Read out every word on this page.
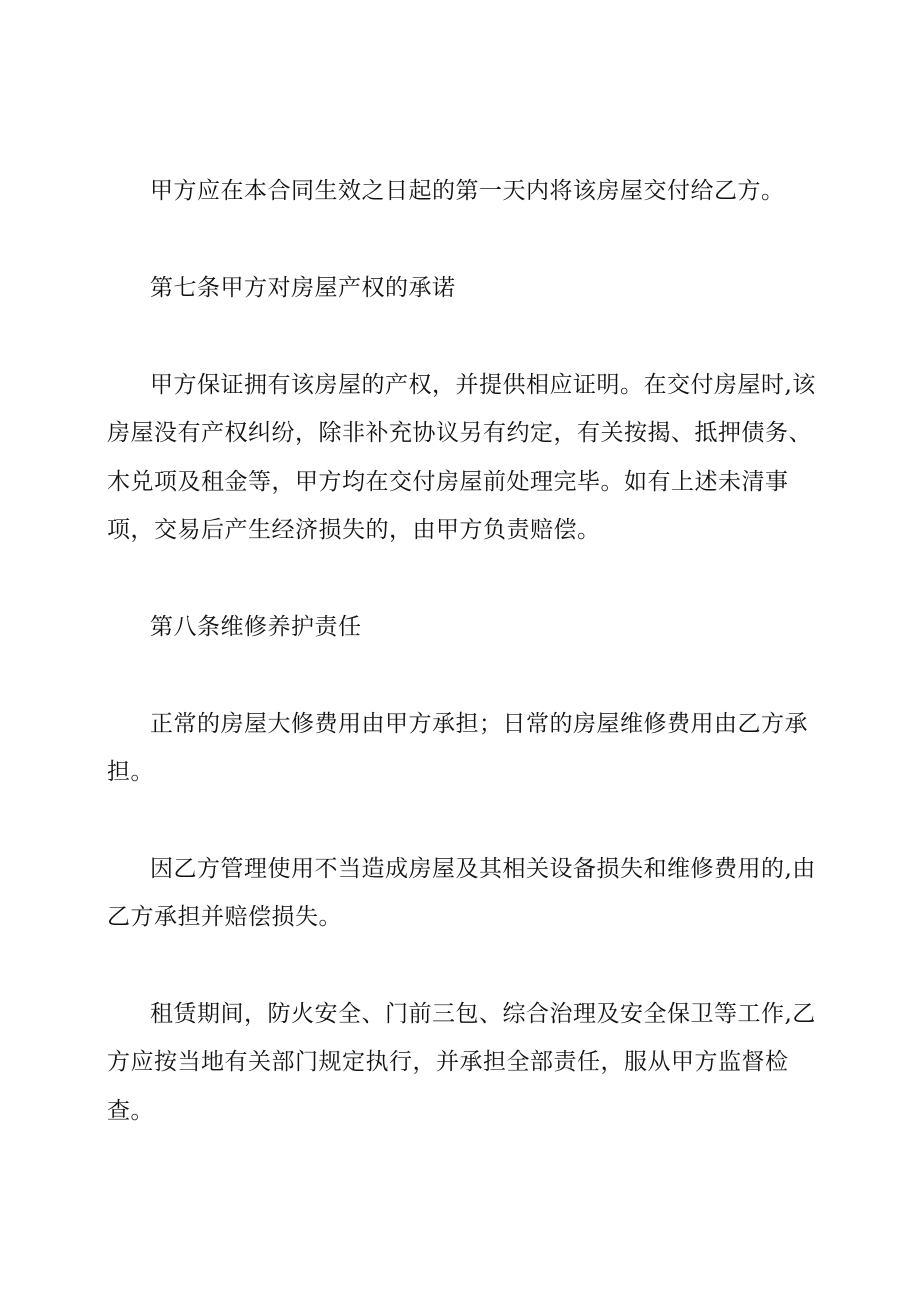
甲方应在本合同生效之日起的第一天内将该房屋交付给乙方。
第七条甲方对房屋产权的承诺
甲方保证拥有该房屋的产权，并提供相应证明。在交付房屋时,该
房屋没有产权纠纷，除非补充协议另有约定，有关按揭、抵押债务、
木兑项及租金等，甲方均在交付房屋前处理完毕。如有上述未清事
项，交易后产生经济损失的，由甲方负责赔偿。
第八条维修养护责任
正常的房屋大修费用由甲方承担；日常的房屋维修费用由乙方承
担。
因乙方管理使用不当造成房屋及其相关设备损失和维修费用的,由
乙方承担并赔偿损失。
租赁期间，防火安全、门前三包、综合治理及安全保卫等工作,乙
方应按当地有关部门规定执行，并承担全部责任，服从甲方监督检
查。
